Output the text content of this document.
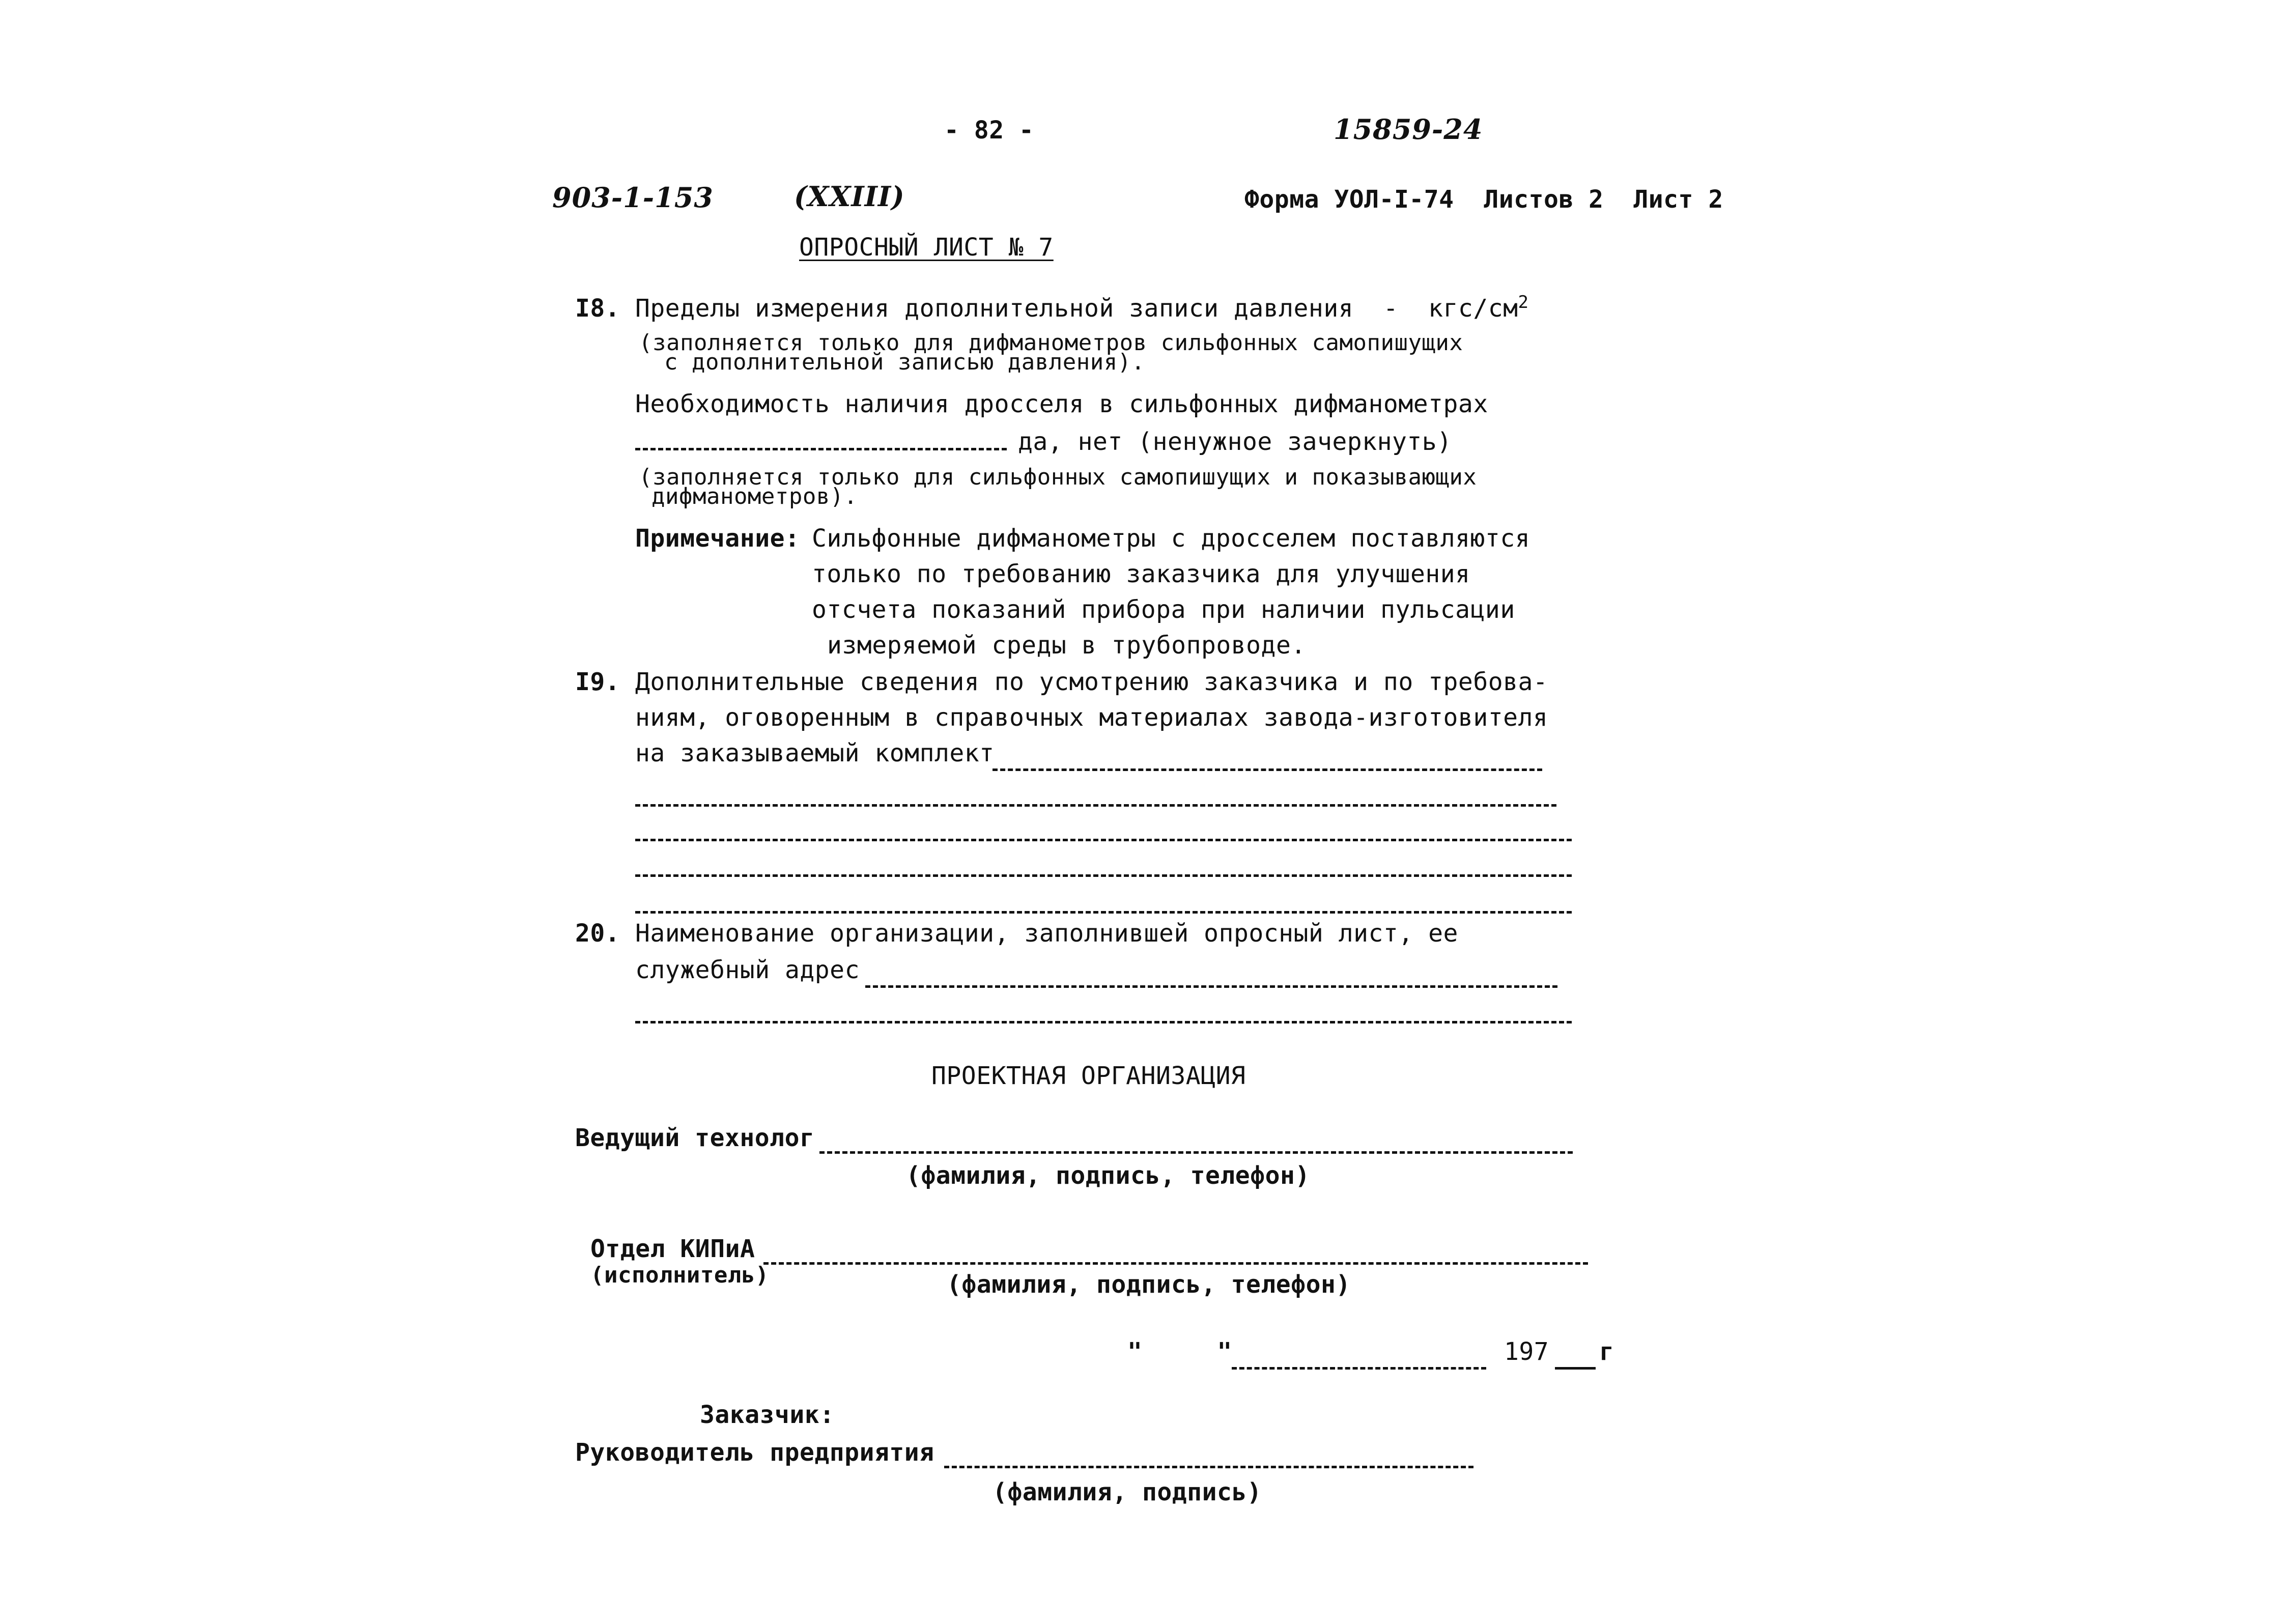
- 82 -	15859-24
903-1-153	(XXIII)	Форма УОЛ-I-74  Листов 2  Лист 2
ОПРОСНЫЙ ЛИСТ № 7
I8. Пределы измерения дополнительной записи давления  -  кгс/$см^2$
(заполняется только для дифманометров сильфонных самопишущих
с дополнительной записью давления).
Необходимость наличия дросселя в сильфонных дифманометрах
да, нет (ненужное зачеркнуть)
(заполняется только для сильфонных самопишущих и показывающих
дифманометров).
Примечание: Сильфонные дифманометры с дросселем поставляются
только по требованию заказчика для улучшения
отсчета показаний прибора при наличии пульсации
измеряемой среды в трубопроводе.
I9. Дополнительные сведения по усмотрению заказчика и по требова-
ниям, оговоренным в справочных материалах завода-изготовителя
на заказываемый комплект
20. Наименование организации, заполнившей опросный лист, ее
служебный адрес
ПРОЕКТНАЯ ОРГАНИЗАЦИЯ
Ведущий технолог
(фамилия, подпись, телефон)
Отдел КИПиА
(исполнитель)	(фамилия, подпись, телефон)
"     "	197 г
Заказчик:
Руководитель предприятия
(фамилия, подпись)
